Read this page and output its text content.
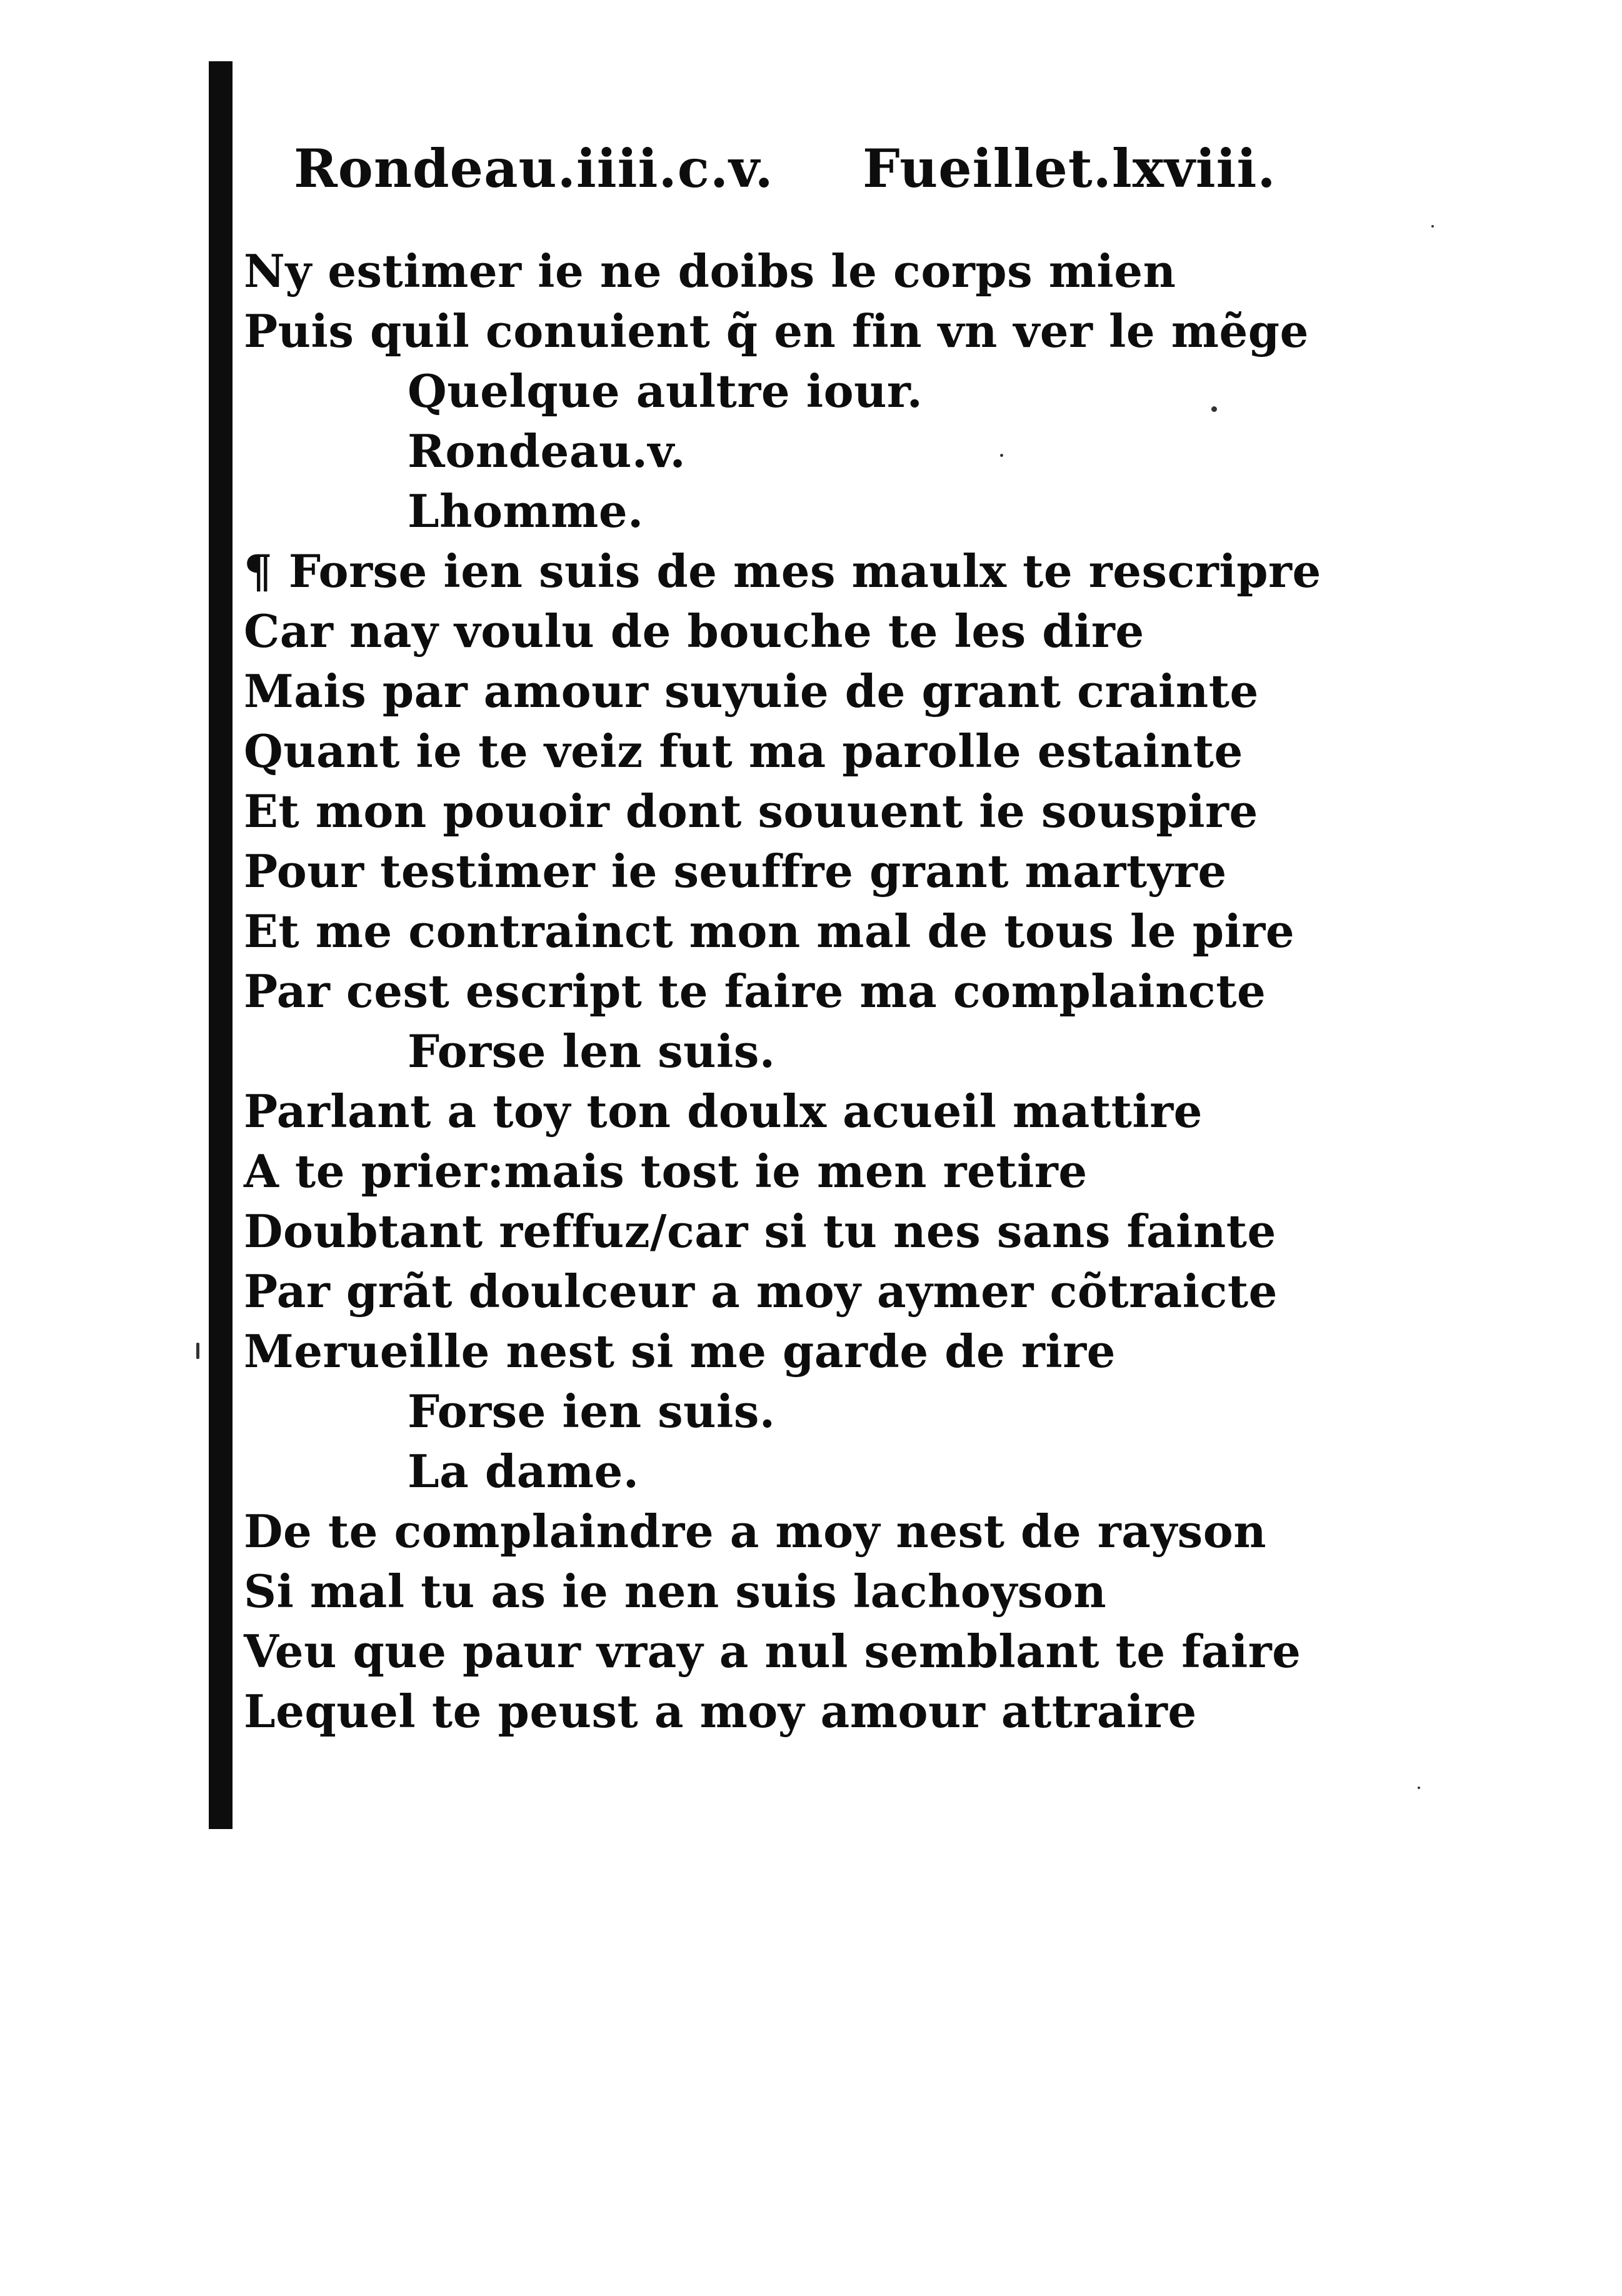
Rondeau.iiii.c.v. Fueillet.lxviii.
Ny estimer ie ne doibs le corps mien
Puis quil conuient q̃ en fin vn ver le mẽge
Quelque aultre iour.
Rondeau.v.
Lhomme.
¶ Forse ien suis de mes maulx te rescripre
Car nay voulu de bouche te les dire
Mais par amour suyuie de grant crainte
Quant ie te veiz fut ma parolle estainte
Et mon pouoir dont souuent ie souspire
Pour testimer ie seuffre grant martyre
Et me contrainct mon mal de tous le pire
Par cest escript te faire ma complaincte
Forse len suis.
Parlant a toy ton doulx acueil mattire
A te prier:mais tost ie men retire
Doubtant reffuz/car si tu nes sans fainte
Par grãt doulceur a moy aymer cõtraicte
Merueille nest si me garde de rire
Forse ien suis.
La dame.
De te complaindre a moy nest de rayson
Si mal tu as ie nen suis lachoyson
Veu que paur vray a nul semblant te faire
Lequel te peust a moy amour attraire
